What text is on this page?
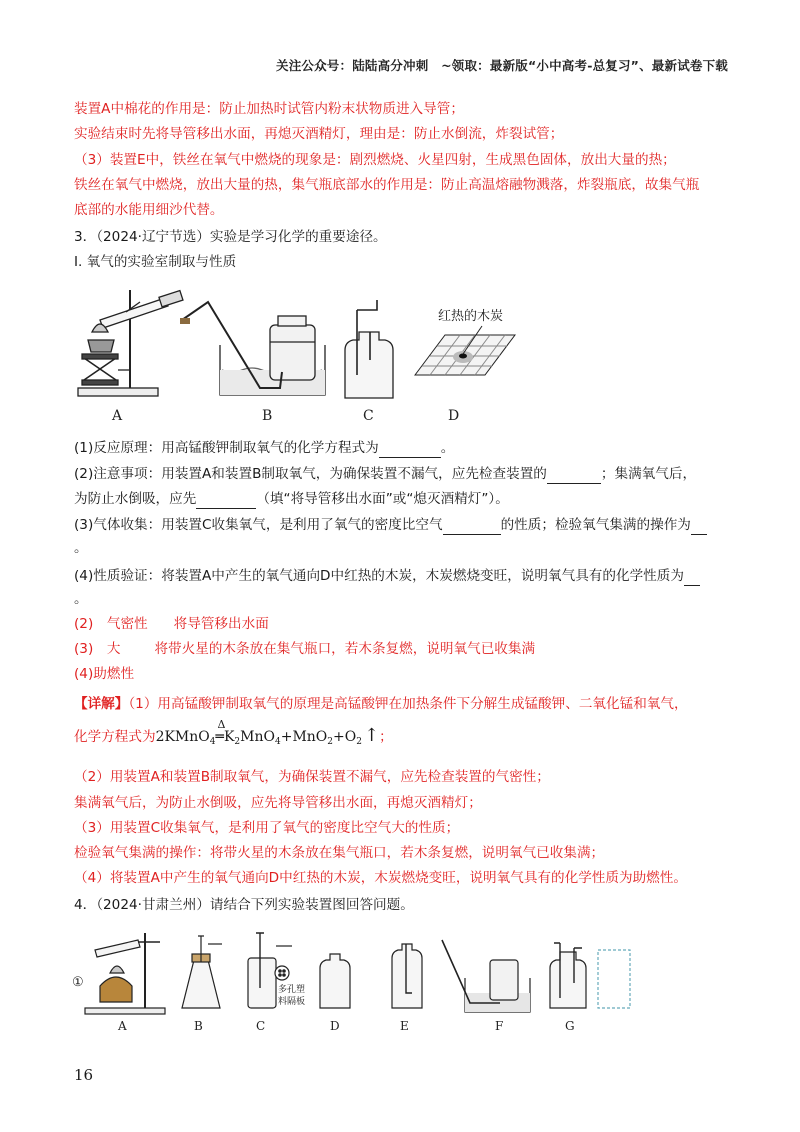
关注公众号：陆陆高分冲刺　~领取：最新版“小中高考-总复习”、最新试卷下载
装置A中棉花的作用是：防止加热时试管内粉末状物质进入导管；
实验结束时先将导管移出水面，再熄灭酒精灯，理由是：防止水倒流，炸裂试管；
（3）装置E中，铁丝在氧气中燃烧的现象是：剧烈燃烧、火星四射，生成黑色固体，放出大量的热；
铁丝在氧气中燃烧，放出大量的热，集气瓶底部水的作用是：防止高温熔融物溅落，炸裂瓶底，故集气瓶
底部的水能用细沙代替。
3．（2024·辽宁节选）实验是学习化学的重要途径。
Ⅰ. 氧气的实验室制取与性质
A	B	C	D
红热的木炭
(1)反应原理：用高锰酸钾制取氧气的化学方程式为	。
(2)注意事项：用装置A和装置B制取氧气，为确保装置不漏气，应先检查装置的	；集满氧气后，
为防止水倒吸，应先	（填“将导管移出水面”或“熄灭酒精灯”）。
(3)气体收集：用装置C收集氧气，是利用了氧气的密度比空气	的性质；检验氧气集满的操作为
。
(4)性质验证：将装置A中产生的氧气通向D中红热的木炭，木炭燃烧变旺，说明氧气具有的化学性质为
。
(2)　气密性 将导管移出水面
(3)　大	将带火星的木条放在集气瓶口，若木条复燃，说明氧气已收集满
(4)助燃性
【详解】（1）用高锰酸钾制取氧气的原理是高锰酸钾在加热条件下分解生成锰酸钾、二氧化锰和氧气，
化学方程式为2KMnO$_4$
Δ
$═K_2MnO_4+MnO_2+O_2$ ↑；
（2）用装置A和装置B制取氧气，为确保装置不漏气，应先检查装置的气密性；
集满氧气后，为防止水倒吸，应先将导管移出水面，再熄灭酒精灯；
（3）用装置C收集氧气，是利用了氧气的密度比空气大的性质；
检验氧气集满的操作：将带火星的木条放在集气瓶口，若木条复燃，说明氧气已收集满；
（4）将装置A中产生的氧气通向D中红热的木炭，木炭燃烧变旺，说明氧气具有的化学性质为助燃性。
4．（2024·甘肃兰州）请结合下列实验装置图回答问题。
①	多孔塑
料隔板
A	B	C	D	E	F	G
16
